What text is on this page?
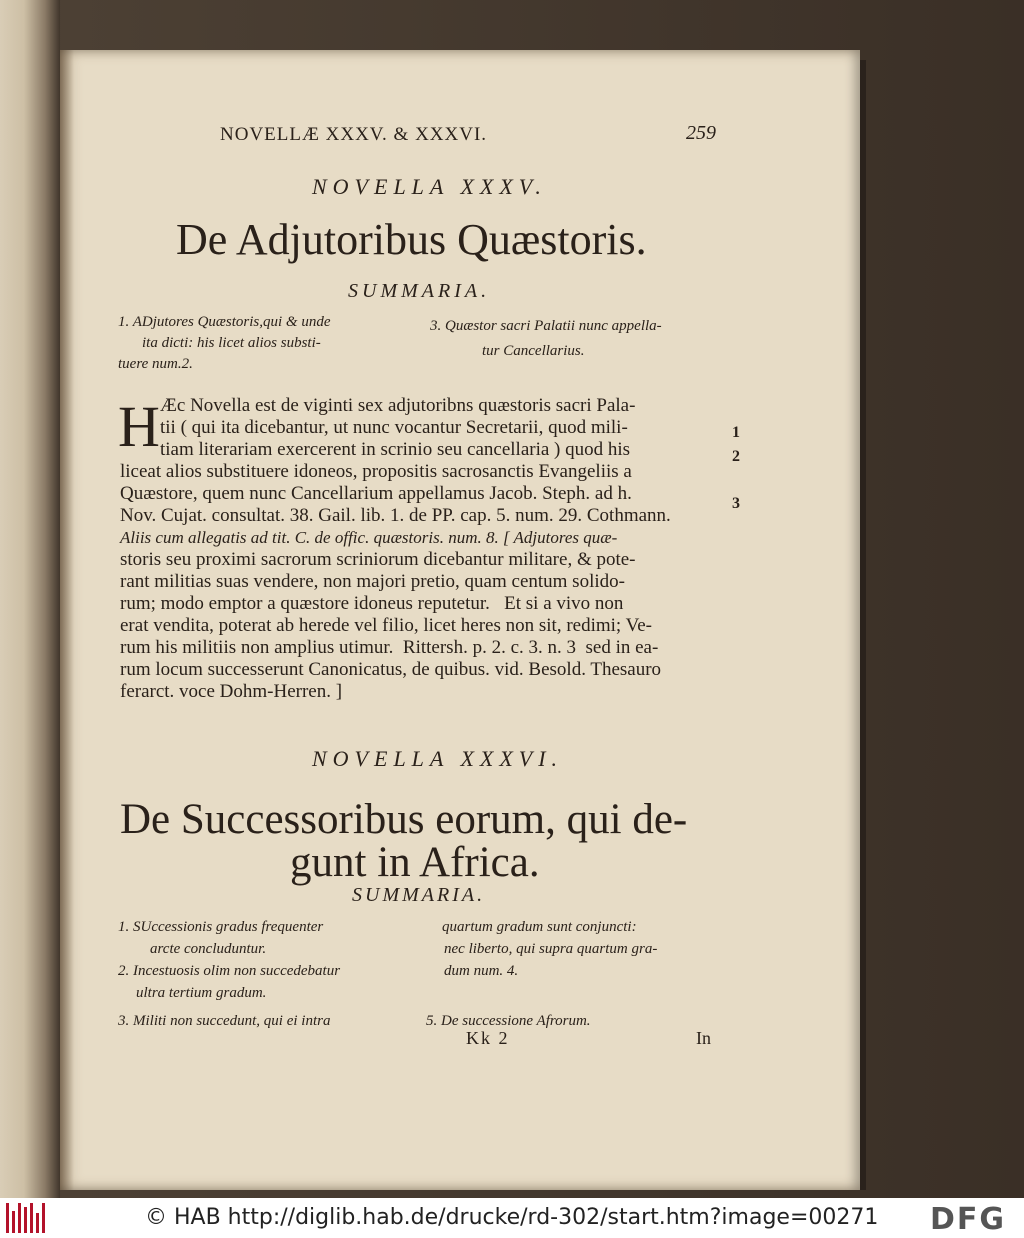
NOVELLÆ XXXV. & XXXVI.	259
NOVELLA XXXV.
De Adjutoribus Quæstoris.
SUMMARIA.
1. ADjutores Quæstoris,qui & unde
ita dicti: his licet alios substi-
tuere num.2.
3. Quæstor sacri Palatii nunc appella-
tur Cancellarius.
H Æc Novella est de viginti sex adjutoribns quæstoris sacri Pala-
tii ( qui ita dicebantur, ut nunc vocantur Secretarii, quod mili-
tiam literariam exercerent in scrinio seu cancellaria ) quod his
liceat alios substituere idoneos, propositis sacrosanctis Evangeliis a
Quæstore, quem nunc Cancellarium appellamus Jacob. Steph. ad h.
Nov. Cujat. consultat. 38. Gail. lib. 1. de PP. cap. 5. num. 29. Cothmann.
Aliis cum allegatis ad tit. C. de offic. quæstoris. num. 8. [ Adjutores quæ-
storis seu proximi sacrorum scriniorum dicebantur militare, & pote-
rant militias suas vendere, non majori pretio, quam centum solido-
rum; modo emptor a quæstore idoneus reputetur.   Et si a vivo non
erat vendita, poterat ab herede vel filio, licet heres non sit, redimi; Ve-
rum his militiis non amplius utimur.  Rittersh. p. 2. c. 3. n. 3  sed in ea-
rum locum successerunt Canonicatus, de quibus. vid. Besold. Thesauro
ferarct. voce Dohm-Herren. ]
1
2
3
NOVELLA XXXVI.
De Successoribus eorum, qui de-
gunt in Africa.
SUMMARIA.
1. SUccessionis gradus frequenter
arcte concluduntur.
2. Incestuosis olim non succedebatur
ultra tertium gradum.
3. Militi non succedunt, qui ei intra
quartum gradum sunt conjuncti:
nec liberto, qui supra quartum gra-
dum num. 4.
5. De successione Afrorum.
Kk 2	In
© HAB http://diglib.hab.de/drucke/rd-302/start.htm?image=00271 DFG
